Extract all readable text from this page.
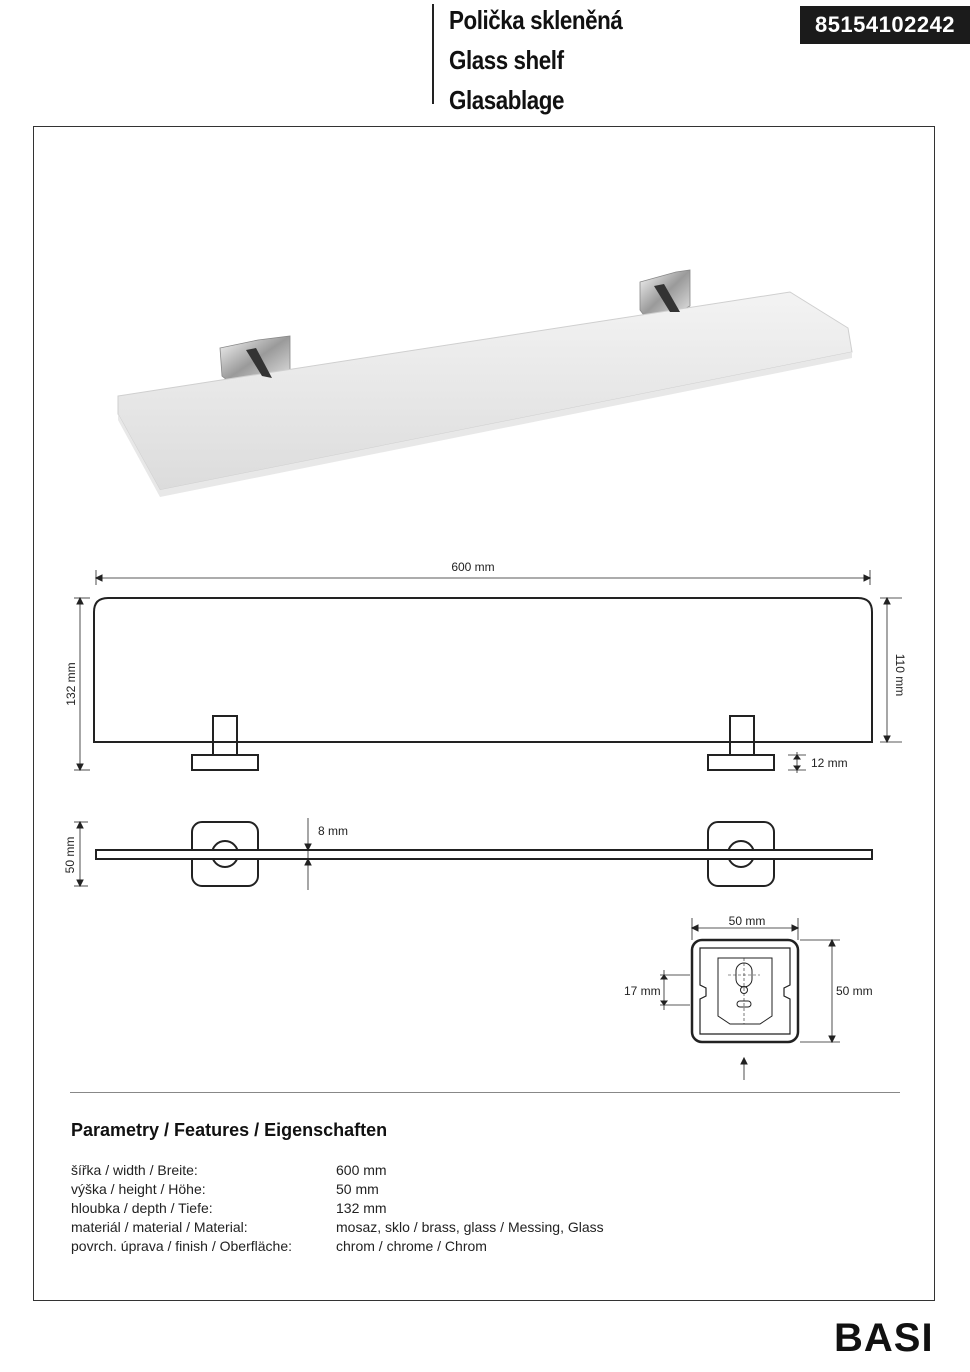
Polička skleněná
Glass shelf
Glasablage
85154102242
600 mm
132 mm	110 mm
12 mm
8 mm
50 mm
50 mm
50 mm
17 mm
Parametry / Features / Eigenschaften
šířka / width / Breite:	600 mm
výška / height / Höhe:	50 mm
hloubka / depth / Tiefe:	132 mm
materiál / material / Material:	mosaz, sklo / brass, glass / Messing, Glass
povrch. úprava / finish / Oberfläche:	chrom / chrome / Chrom
BASI
